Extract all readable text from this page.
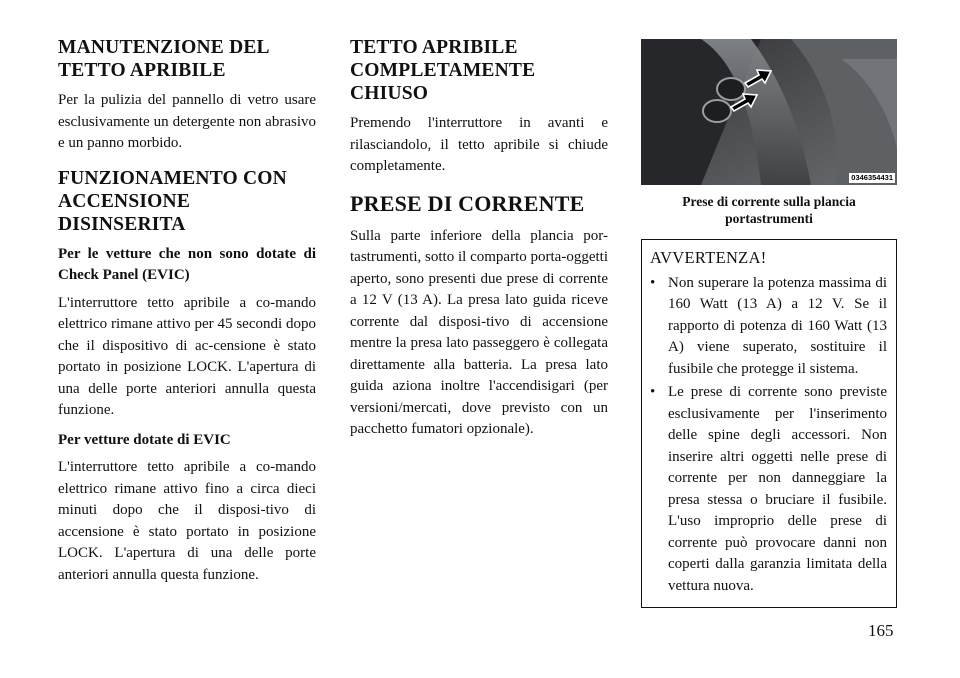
MANUTENZIONE DEL TETTO APRIBILE

Per la pulizia del pannello di vetro usare esclusivamente un detergente non abrasivo e un panno morbido.

FUNZIONAMENTO CON ACCENSIONE DISINSERITA

Per le vetture che non sono dotate di Check Panel (EVIC)

L'interruttore tetto apribile a co-mando elettrico rimane attivo per 45 secondi dopo che il dispositivo di ac-censione è stato portato in posizione LOCK. L'apertura di una delle porte anteriori annulla questa funzione.

Per vetture dotate di EVIC

L'interruttore tetto apribile a co-mando elettrico rimane attivo fino a circa dieci minuti dopo che il disposi-tivo di accensione è stato portato in posizione LOCK. L'apertura di una delle porte anteriori annulla questa funzione.

TETTO APRIBILE COMPLETAMENTE CHIUSO

Premendo l'interruttore in avanti e rilasciandolo, il tetto apribile si chiude completamente.

PRESE DI CORRENTE

Sulla parte inferiore della plancia por-tastrumenti, sotto il comparto porta-oggetti aperto, sono presenti due prese di corrente a 12 V (13 A). La presa lato guida riceve corrente dal disposi-tivo di accensione mentre la presa lato passeggero è collegata direttamente alla batteria. La presa lato guida aziona inoltre l'accendisigari (per versioni/mercati, dove previsto con un pacchetto fumatori opzionale).

0346354431

Prese di corrente sulla plancia portastrumenti

AVVERTENZA!

• Non superare la potenza massima di 160 Watt (13 A) a 12 V. Se il rapporto di potenza di 160 Watt (13 A) viene superato, sostituire il fusibile che protegge il sistema.
• Le prese di corrente sono previste esclusivamente per l'inserimento delle spine degli accessori. Non inserire altri oggetti nelle prese di corrente per non danneggiare la presa stessa o bruciare il fusibile. L'uso improprio delle prese di corrente può provocare danni non coperti dalla garanzia limitata della vettura nuova.
165
